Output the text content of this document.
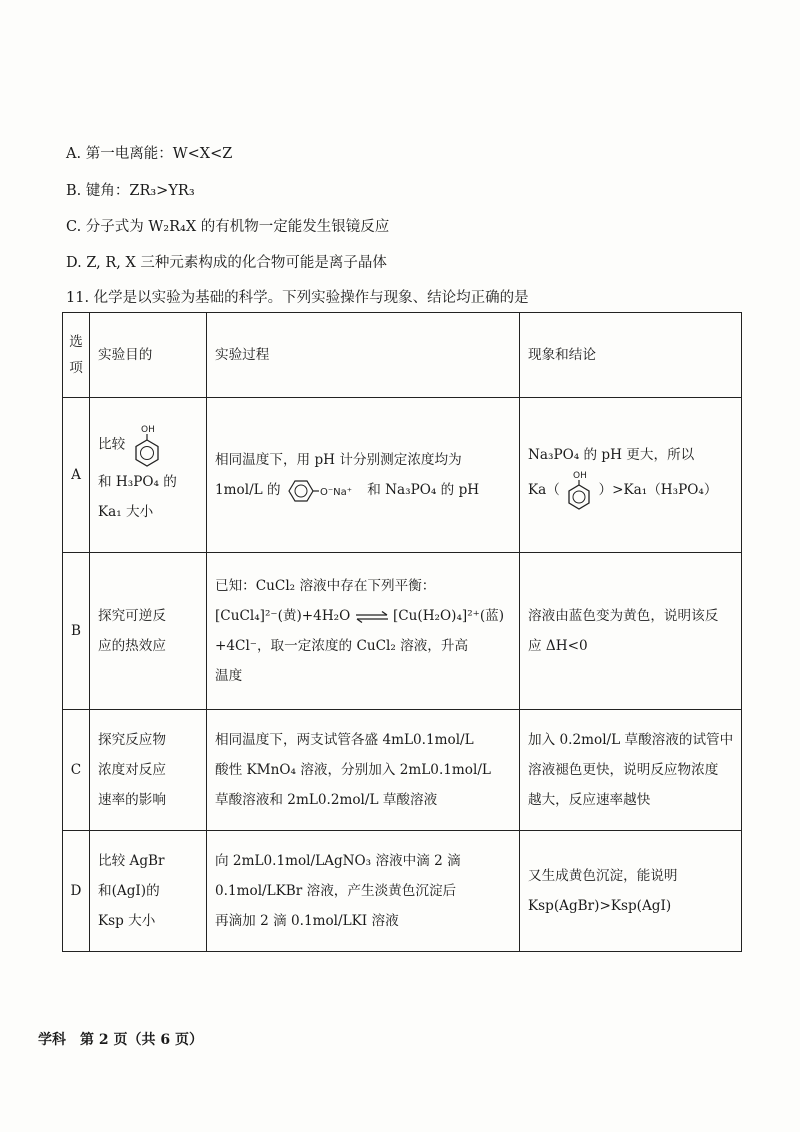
A. 第一电离能：W<X<Z
B. 键角：ZR₃>YR₃
C. 分子式为 W₂R₄X 的有机物一定能发生银镜反应
D. Z, R, X 三种元素构成的化合物可能是离子晶体
11. 化学是以实验为基础的科学。下列实验操作与现象、结论均正确的是
选
项	实验目的	实验过程	现象和结论
A	比较
OH
和 H₃PO₄ 的
Ka₁ 大小	相同温度下，用 pH 计分别测定浓度均为
1mol/L 的 O⁻Na⁺ 和 Na₃PO₄ 的 pH	Na₃PO₄ 的 pH 更大，所以
Ka（
OH
）>Ka₁（H₃PO₄）

B	探究可逆反
应的热效应	已知：CuCl₂ 溶液中存在下列平衡：
[CuCl₄]²⁻(黄)+4H₂O ⇌ [Cu(H₂O)₄]²⁺(蓝)
+4Cl⁻，取一定浓度的 CuCl₂ 溶液，升高
温度	溶液由蓝色变为黄色，说明该反
应 ΔH<0

C	探究反应物
浓度对反应
速率的影响	相同温度下，两支试管各盛 4mL0.1mol/L
酸性 KMnO₄ 溶液，分别加入 2mL0.1mol/L
草酸溶液和 2mL0.2mol/L 草酸溶液	加入 0.2mol/L 草酸溶液的试管中
溶液褪色更快，说明反应物浓度
越大，反应速率越快

D	比较 AgBr
和(AgI)的
Ksp 大小	向 2mL0.1mol/LAgNO₃ 溶液中滴 2 滴
0.1mol/LKBr 溶液，产生淡黄色沉淀后
再滴加 2 滴 0.1mol/LKI 溶液	又生成黄色沉淀，能说明
Ksp(AgBr)>Ksp(AgI)
学科　第 2 页（共 6 页）
